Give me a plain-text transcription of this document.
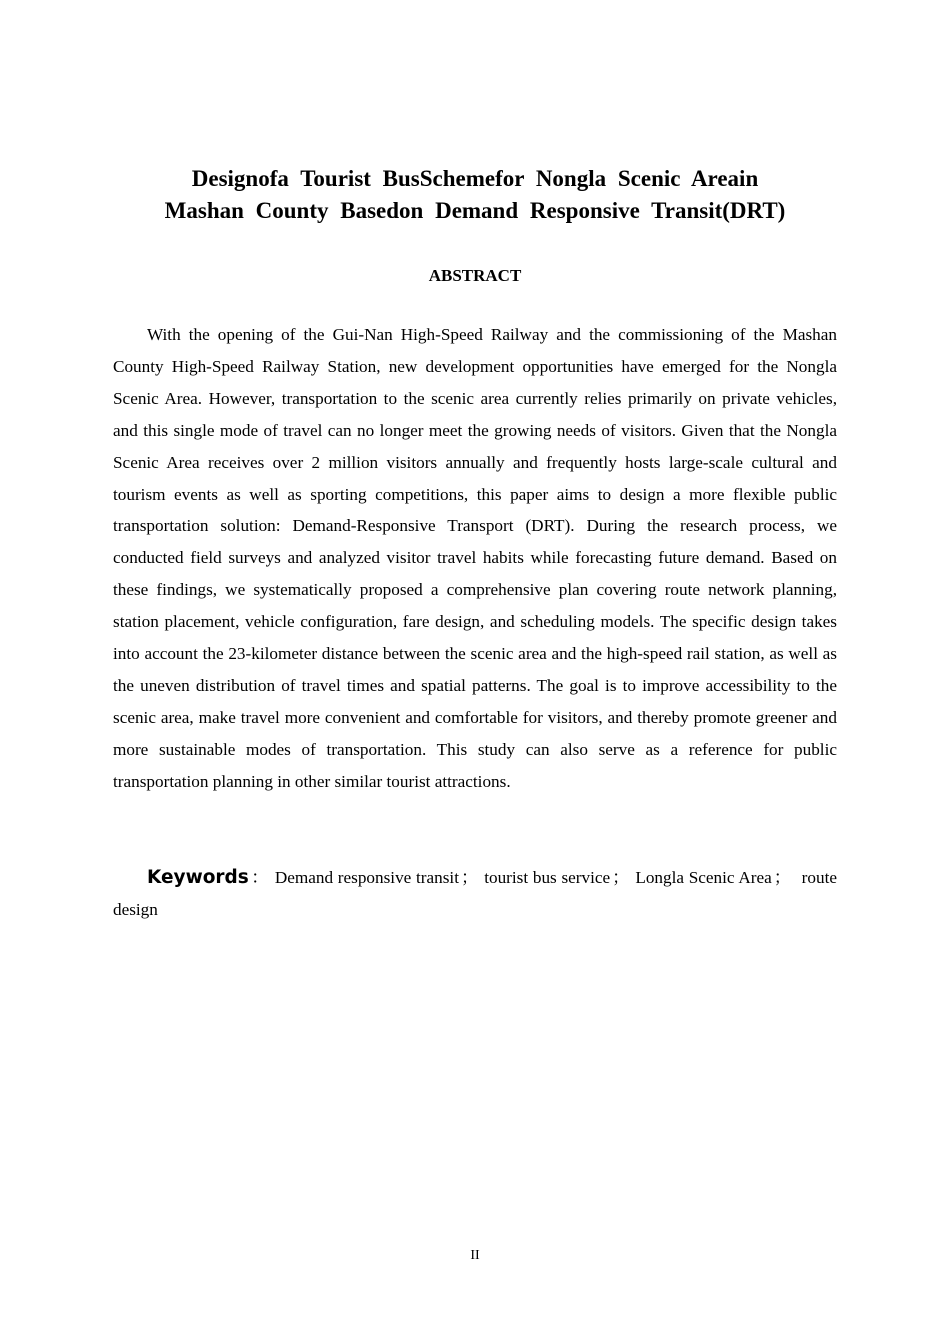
Designofa Tourist BusSchemefor Nongla Scenic Areain
Mashan County Basedon Demand Responsive Transit(DRT)
ABSTRACT

With the opening of the Gui-Nan High-Speed Railway and the commissioning of the Mashan County High-Speed Railway Station, new development opportunities have emerged for the Nongla Scenic Area. However, transportation to the scenic area currently relies primarily on private vehicles, and this single mode of travel can no longer meet the growing needs of visitors. Given that the Nongla Scenic Area receives over 2 million visitors annually and frequently hosts large-scale cultural and tourism events as well as sporting competitions, this paper aims to design a more flexible public transportation solution: Demand-Responsive Transport (DRT). During the research process, we conducted field surveys and analyzed visitor travel habits while forecasting future demand. Based on these findings, we systematically proposed a comprehensive plan covering route network planning, station placement, vehicle configuration, fare design, and scheduling models. The specific design takes into account the 23-kilometer distance between the scenic area and the high-speed rail station, as well as the uneven distribution of travel times and spatial patterns. The goal is to improve accessibility to the scenic area, make travel more convenient and comfortable for visitors, and thereby promote greener and more sustainable modes of transportation. This study can also serve as a reference for public transportation planning in other similar tourist attractions.

Keywords ： Demand responsive transit ； tourist bus service ； Longla Scenic Area ； route design

II
